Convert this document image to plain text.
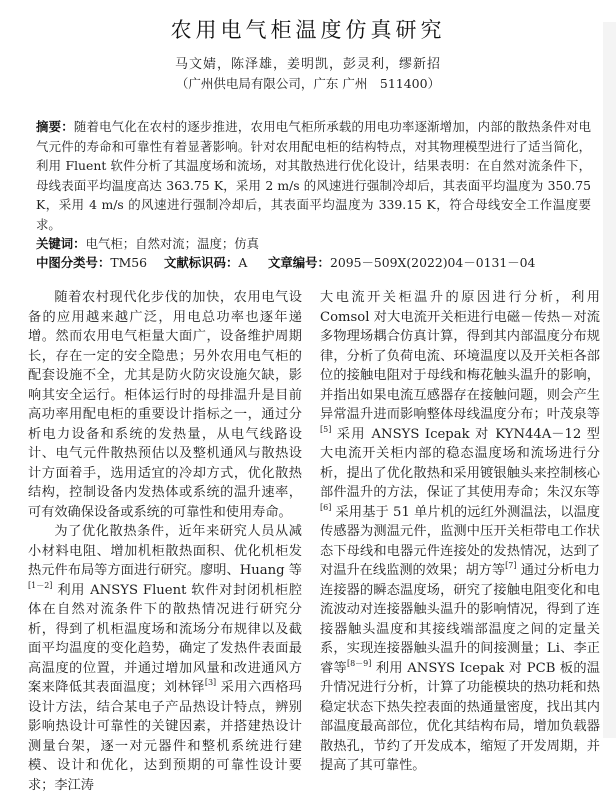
农用电气柜温度仿真研究
马文婧，陈泽雄，姜明凯，彭灵利，缪新招
（广州供电局有限公司，广东 广州　511400）
摘要：随着电气化在农村的逐步推进，农用电气柜所承载的用电功率逐渐增加，内部的散热条件对电气元件的寿命和可靠性有着显著影响。针对农用配电柜的结构特点，对其物理模型进行了适当简化，利用 Fluent 软件分析了其温度场和流场，对其散热进行优化设计，结果表明：在自然对流条件下，母线表面平均温度高达 363.75 K，采用 2 m/s 的风速进行强制冷却后，其表面平均温度为 350.75 K，采用 4 m/s 的风速进行强制冷却后，其表面平均温度为 339.15 K，符合母线安全工作温度要求。
关键词：电气柜；自然对流；温度；仿真
中图分类号：TM56 文献标识码：A 文章编号：2095－509X(2022)04－0131－04

随着农村现代化步伐的加快，农用电气设备的应用越来越广泛，用电总功率也逐年递增。然而农用电气柜量大面广，设备维护周期长，存在一定的安全隐患；另外农用电气柜的配套设施不全，尤其是防火防灾设施欠缺，影响其安全运行。柜体运行时的母排温升是目前高功率用配电柜的重要设计指标之一，通过分析电力设备和系统的发热量，从电气线路设计、电气元件散热预估以及整机通风与散热设计方面着手，选用适宜的冷却方式，优化散热结构，控制设备内发热体或系统的温升速率，可有效确保设备或系统的可靠性和使用寿命。

为了优化散热条件，近年来研究人员从减小材料电阻、增加机柜散热面积、优化机柜发热元件布局等方面进行研究。廖明、Huang 等[1－2] 利用 ANSYS Fluent 软件对封闭机柜腔体在自然对流条件下的散热情况进行研究分析，得到了机柜温度场和流场分布规律以及截面平均温度的变化趋势，确定了发热件表面最高温度的位置，并通过增加风量和改进通风方案来降低其表面温度；刘林铎[3] 采用六西格玛设计方法，结合某电子产品热设计特点，辨别影响热设计可靠性的关键因素，并搭建热设计测量台架，逐一对元器件和整机系统进行建模、设计和优化，达到预期的可靠性设计要求；李江涛

大电流开关柜温升的原因进行分析，利用 Comsol 对大电流开关柜进行电磁－传热－对流多物理场耦合仿真计算，得到其内部温度分布规律，分析了负荷电流、环境温度以及开关柜各部位的接触电阻对于母线和梅花触头温升的影响，并指出如果电流互感器存在接触问题，则会产生异常温升进而影响整体母线温度分布；叶茂泉等[5] 采用 ANSYS Icepak 对 KYN44A－12 型大电流开关柜内部的稳态温度场和流场进行分析，提出了优化散热和采用镀银触头来控制核心部件温升的方法，保证了其使用寿命；朱汉东等[6] 采用基于 51 单片机的远红外测温法，以温度传感器为测温元件，监测中压开关柜带电工作状态下母线和电器元件连接处的发热情况，达到了对温升在线监测的效果；胡方等[7] 通过分析电力连接器的瞬态温度场，研究了接触电阻变化和电流波动对连接器触头温升的影响情况，得到了连接器触头温度和其接线端部温度之间的定量关系，实现连接器触头温升的间接测量；Li、李正睿等[8－9] 利用 ANSYS Icepak 对 PCB 板的温升情况进行分析，计算了功能模块的热功耗和热稳定状态下热失控表面的热通量密度，找出其内部温度最高部位，优化其结构布局，增加负载器散热孔，节约了开发成本，缩短了开发周期，并提高了其可靠性。
